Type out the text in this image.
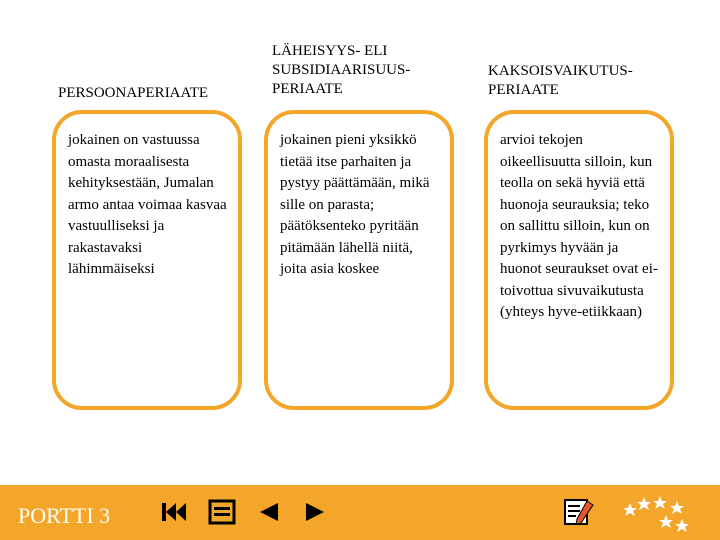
PERSOONAPERIAATE
LÄHEISYYS- ELI SUBSIDIAARISUUS-PERIAATE
KAKSOISVAIKUTUS-PERIAATE
jokainen on vastuussa omasta moraalisesta kehityksestään, Jumalan armo antaa voimaa kasvaa vastuulliseksi ja rakastavaksi lähimmäiseksi
jokainen pieni yksikkö tietää itse parhaiten ja pystyy päättämään, mikä sille on parasta; päätöksenteko pyritään pitämään lähellä niitä, joita asia koskee
arvioi tekojen oikeellisuutta silloin, kun teolla on sekä hyviä että huonoja seurauksia; teko on sallittu silloin, kun on pyrkimys hyvään ja huonot seuraukset ovat ei-toivottua sivuvaikutusta (yhteys hyve-etiikkaan)
PORTTI 3
